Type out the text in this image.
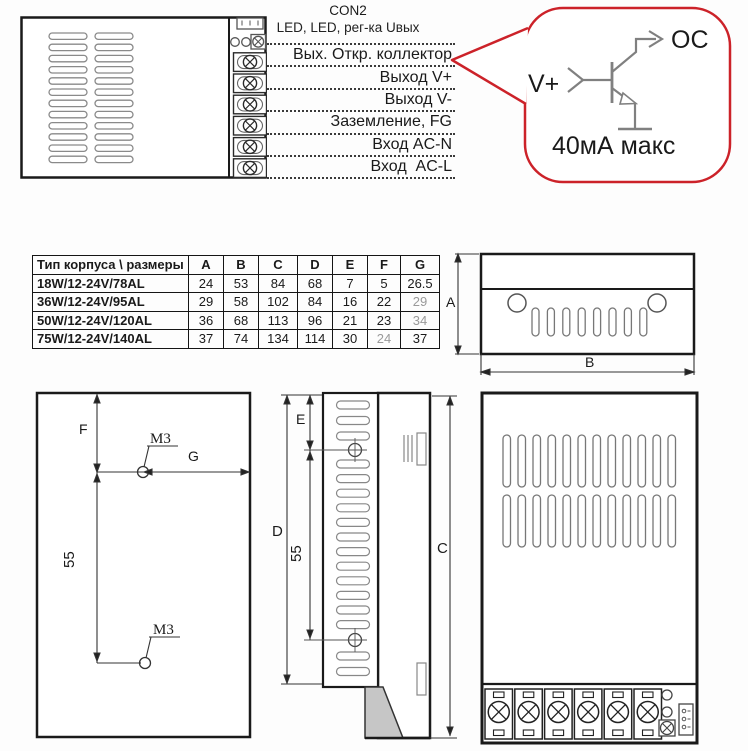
CON2
LED, LED, рег-ка Uвых
Вых. Откр. коллектор
Выход V+
Выход V-
Заземление, FG
Вход AC-N
Вход  AC-L
V+
OC
40мА макс
Тип корпуса \ размеры	A	B	C	D	E	F	G
18W/12-24V/78AL	24	53	84	68	7	5	26.5
36W/12-24V/95AL	29	58	102	84	16	22	29
50W/12-24V/120AL	36	68	113	96	21	23	34
75W/12-24V/140AL	37	74	134	114	30	24	37
A
B
F
G
M3
M3
55
E
D
55	C
